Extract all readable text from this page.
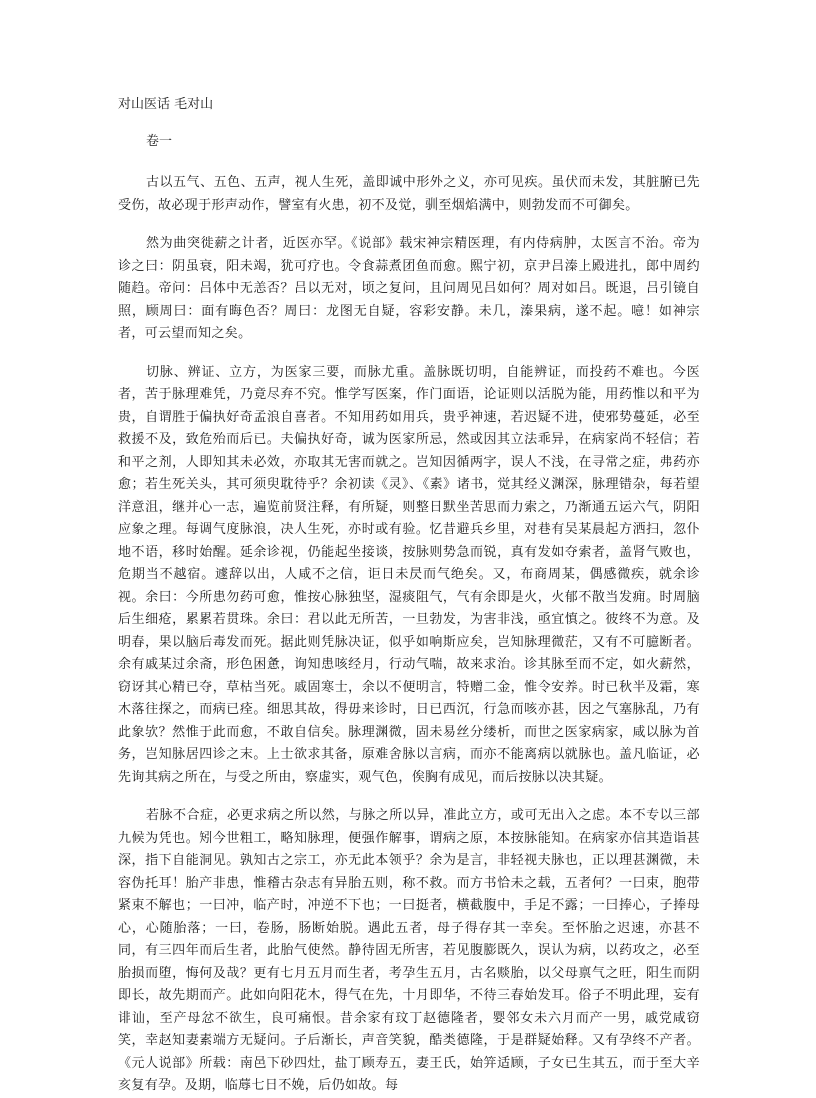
对山医话 毛对山

卷一

古以五气、五色、五声，视人生死，盖即诚中形外之义，亦可见疾。虽伏而未发，其脏腑已先受伤，故必现于形声动作，譬室有火患，初不及觉，驯至烟焰满中，则勃发而不可御矣。

然为曲突徙薪之计者，近医亦罕。《说部》载宋神宗精医理，有内侍病肿，太医言不治。帝为诊之曰：阴虽衰，阳未竭，犹可疗也。令食蒜煮团鱼而愈。熙宁初，京尹吕溱上殿进扎，郎中周约随趋。帝问：吕体中无恙否？吕以无对，顷之复问，且问周见吕如何？周对如吕。既退，吕引镜自照，顾周曰：面有晦色否？周曰：龙图无自疑，容彩安静。未几，溱果病，遂不起。噫！如神宗者，可云望而知之矣。

切脉、辨证、立方，为医家三要，而脉尤重。盖脉既切明，自能辨证，而投药不难也。今医者，苦于脉理难凭，乃竟尽弃不究。惟学写医案，作门面语，论证则以活脱为能，用药惟以和平为贵，自谓胜于偏执好奇孟浪自喜者。不知用药如用兵，贵乎神速，若迟疑不进，使邪势蔓延，必至救援不及，致危殆而后已。夫偏执好奇，诚为医家所忌，然或因其立法乖异，在病家尚不轻信；若和平之剂，人即知其未必效，亦取其无害而就之。岂知因循两字，误人不浅，在寻常之症，弗药亦愈；若生死关头，其可须臾耽待乎？余初读《灵》、《素》诸书，觉其经义渊深，脉理错杂，每若望洋意沮，继并心一志，遍览前贤注释，有所疑，则整日默坐苦思而力索之，乃渐通五运六气，阴阳应象之理。每调气度脉浪，决人生死，亦时或有验。忆昔避兵乡里，对巷有吴某晨起方洒扫，忽仆地不语，移时始醒。延余诊视，仍能起坐接谈，按脉则势急而锐，真有发如夺索者，盖肾气败也，危期当不越宿。遽辞以出，人咸不之信，讵日未昃而气绝矣。又，布商周某，偶感微疾，就余诊视。余曰：今所患勿药可愈，惟按心脉独坚，湿痰阻气，气有余即是火，火郁不散当发痈。时周脑后生细疮，累累若贯珠。余曰：君以此无所苦，一旦勃发，为害非浅，亟宜慎之。彼终不为意。及明春，果以脑后毒发而死。据此则凭脉决证，似乎如响斯应矣，岂知脉理微茫，又有不可臆断者。余有戚某过余斋，形色困惫，询知患咳经月，行动气喘，故来求治。诊其脉至而不定，如火薪然，窃讶其心精已夺，草枯当死。戚固寒士，余以不便明言，特赠二金，惟令安养。时已秋半及霜，寒木落往探之，而病已痊。细思其故，得毋来诊时，日已西沉，行急而咳亦甚，因之气塞脉乱，乃有此象欤？然惟于此而愈，不敢自信矣。脉理渊微，固未易丝分缕析，而世之医家病家，咸以脉为首务，岂知脉居四诊之末。上士欲求其备，原难舍脉以言病，而亦不能离病以就脉也。盖凡临证，必先询其病之所在，与受之所由，察虚实，观气色，俟胸有成见，而后按脉以决其疑。

若脉不合症，必更求病之所以然，与脉之所以异，准此立方，或可无出入之虑。本不专以三部九候为凭也。矧今世粗工，略知脉理，便强作解事，谓病之原，本按脉能知。在病家亦信其造诣甚深，指下自能洞见。孰知古之宗工，亦无此本领乎？余为是言，非轻视夫脉也，正以理甚渊微，未容伪托耳！胎产非患，惟稽古杂志有异胎五则，称不救。而方书恰未之载，五者何？一曰束，胞带紧束不解也；一曰冲，临产时，冲逆不下也；一曰挺者，横截腹中，手足不露；一曰捧心，子捧母心，心随胎落；一曰，卷肠，肠断始脱。遇此五者，母子得存其一幸矣。至怀胎之迟速，亦甚不同，有三四年而后生者，此胎气使然。静待固无所害，若见腹膨既久，误认为病，以药攻之，必至胎损而堕，悔何及哉？更有七月五月而生者，考孕生五月，古名赕胎，以父母禀气之旺，阳生而阴即长，故先期而产。此如向阳花木，得气在先，十月即华，不待三春始发耳。俗子不明此理，妄有诽讪，至产母忿不欲生，良可痛恨。昔余家有玟丁赵德隆者，婴邻女未六月而产一男，戚党咸窃笑，幸赵知妻素端方无疑问。子后渐长，声音笑貌，酷类德隆，于是群疑始释。又有孕终不产者。《元人说部》所载：南邑下砂四灶，盐丁顾寿五，妻王氏，始笄适顾，子女已生其五，而于至大辛亥复有孕。及期，临蓐七日不娩，后仍如故。每
